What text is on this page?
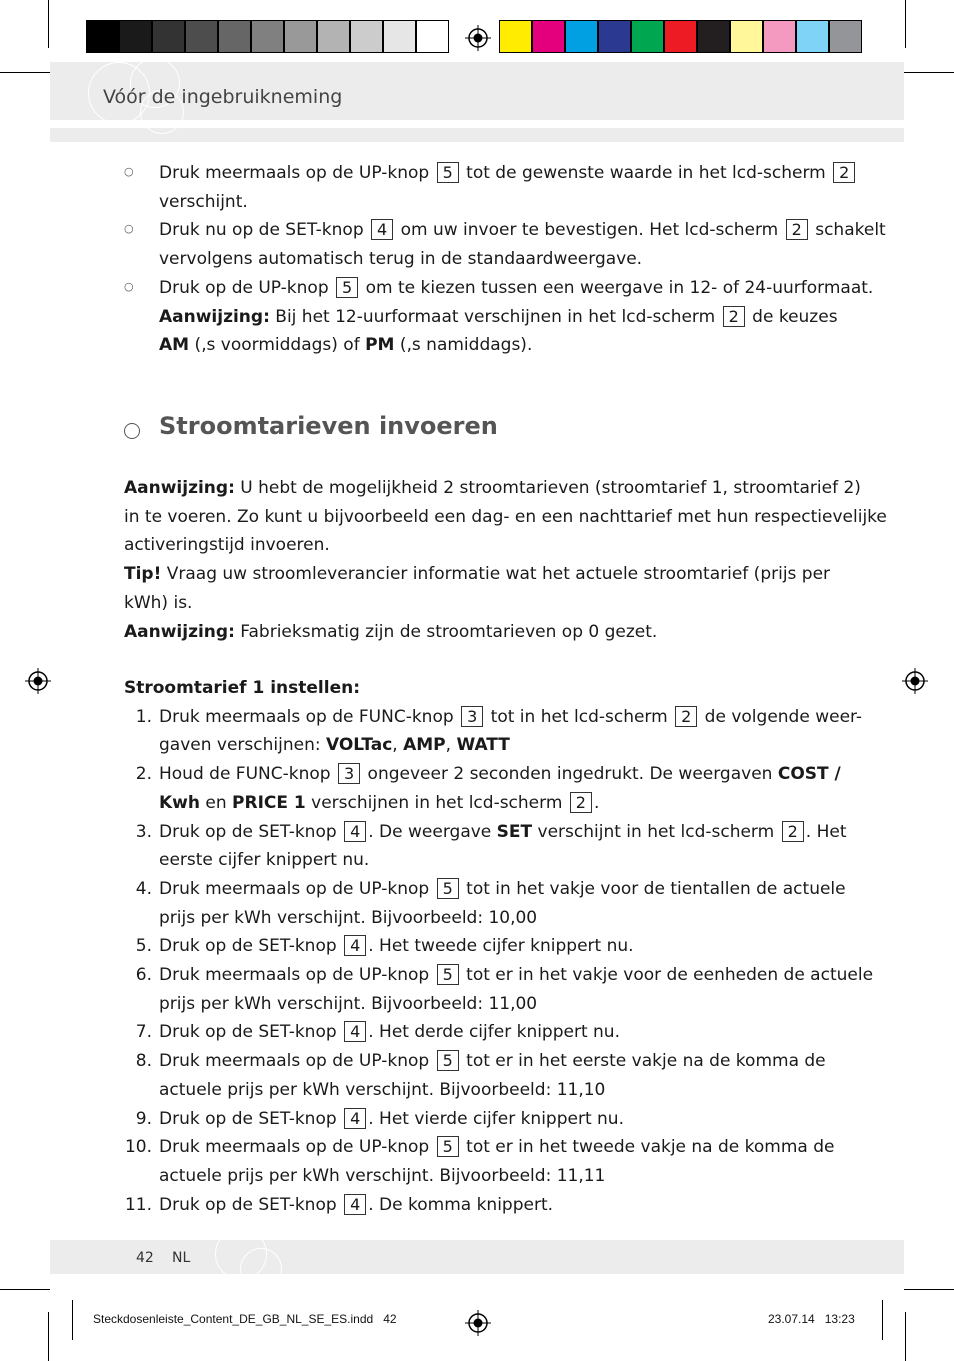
Vóór de ingebruikneming
○ Druk meermaals op de UP-knop 5 tot de gewenste waarde in het lcd-scherm 2
verschijnt.
○ Druk nu op de SET-knop 4 om uw invoer te bevestigen. Het lcd-scherm 2 schakelt
vervolgens automatisch terug in de standaardweergave.
○ Druk op de UP-knop 5 om te kiezen tussen een weergave in 12- of 24-uurformaat.
Aanwijzing: Bij het 12-uurformaat verschijnen in het lcd-scherm 2 de keuzes
AM (‚s voormiddags) of PM (‚s namiddags).
Aanwijzing: U hebt de mogelijkheid 2 stroomtarieven (stroomtarief 1, stroomtarief 2)
in te voeren. Zo kunt u bijvoorbeeld een dag- en een nachttarief met hun respectievelijke
activeringstijd invoeren.
Tip! Vraag uw stroomleverancier informatie wat het actuele stroomtarief (prijs per
kWh) is.
Aanwijzing: Fabrieksmatig zijn de stroomtarieven op 0 gezet.
Stroomtarief 1 instellen:
1. Druk meermaals op de FUNC-knop 3 tot in het lcd-scherm 2 de volgende weer-
gaven verschijnen: VOLTac, AMP, WATT
2. Houd de FUNC-knop 3 ongeveer 2 seconden ingedrukt. De weergaven COST /
Kwh en PRICE 1 verschijnen in het lcd-scherm 2 .
3. Druk op de SET-knop 4 . De weergave SET verschijnt in het lcd-scherm 2 . Het
eerste cijfer knippert nu.
4. Druk meermaals op de UP-knop 5 tot in het vakje voor de tientallen de actuele
prijs per kWh verschijnt. Bijvoorbeeld: 10,00
5. Druk op de SET-knop 4 . Het tweede cijfer knippert nu.
6. Druk meermaals op de UP-knop 5 tot er in het vakje voor de eenheden de actuele
prijs per kWh verschijnt. Bijvoorbeeld: 11,00
7. Druk op de SET-knop 4 . Het derde cijfer knippert nu.
8. Druk meermaals op de UP-knop 5 tot er in het eerste vakje na de komma de
actuele prijs per kWh verschijnt. Bijvoorbeeld: 11,10
9. Druk op de SET-knop 4 . Het vierde cijfer knippert nu.
10. Druk meermaals op de UP-knop 5 tot er in het tweede vakje na de komma de
actuele prijs per kWh verschijnt. Bijvoorbeeld: 11,11
11. Druk op de SET-knop 4 . De komma knippert.
Stroomtarieven invoeren
42 NL
Steckdosenleiste_Content_DE_GB_NL_SE_ES.indd 42	23.07.14 13:23
